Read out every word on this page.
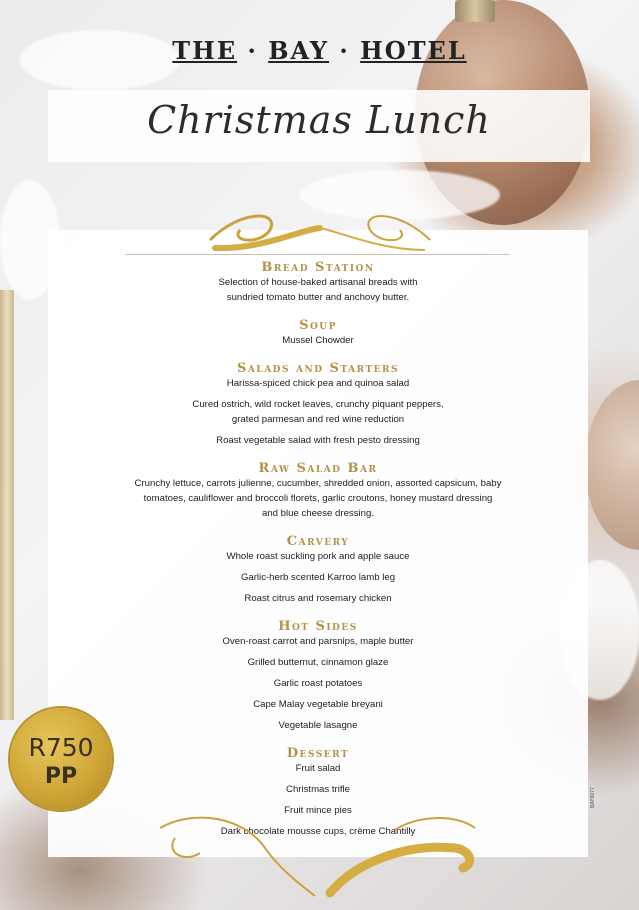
THE · BAY · HOTEL
Christmas Lunch
Bread Station

Selection of house-baked artisanal breads with

sundried tomato butter and anchovy butter.

Soup

Mussel Chowder

Salads and Starters

Harissa-spiced chick pea and quinoa salad

Cured ostrich, wild rocket leaves, crunchy piquant peppers,

grated parmesan and red wine reduction

Roast vegetable salad with fresh pesto dressing

Raw Salad Bar

Crunchy lettuce, carrots julienne, cucumber, shredded onion, assorted capsicum, baby

tomatoes, cauliflower and broccoli florets, garlic croutons, honey mustard dressing

and blue cheese dressing.

Carvery

Whole roast suckling pork and apple sauce

Garlic-herb scented Karroo lamb leg

Roast citrus and rosemary chicken

Hot Sides

Oven-roast carrot and parsnips, maple butter

Grilled butternut, cinnamon glaze

Garlic roast potatoes

Cape Malay vegetable breyani

Vegetable lasagne

Dessert

Fruit salad

Christmas trifle

Fruit mince pies

Dark chocolate mousse cups, crème Chantilly

R750
PP
BAY8077
